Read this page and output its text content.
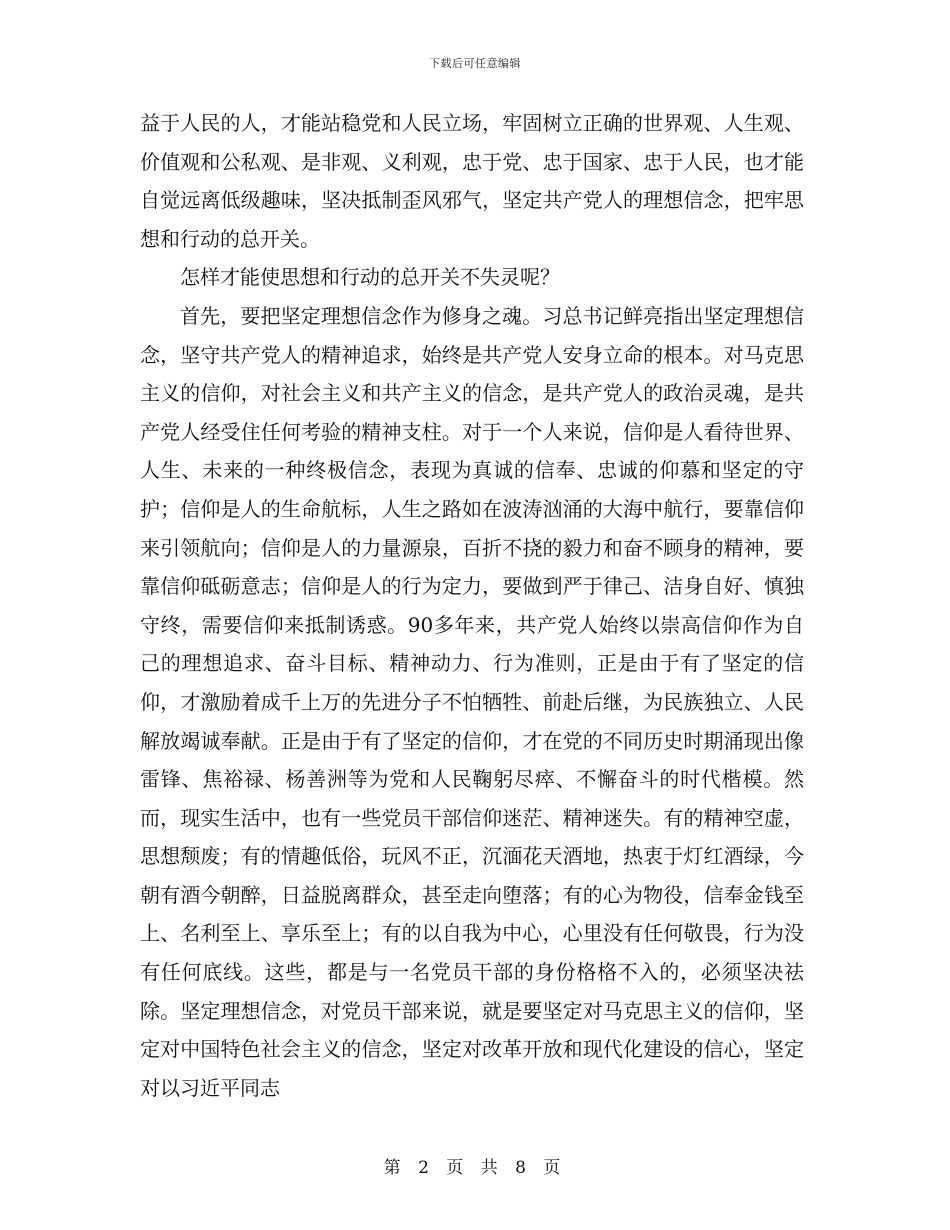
下载后可任意编辑

益于人民的人，才能站稳党和人民立场，牢固树立正确的世界观、人生观、价值观和公私观、是非观、义利观，忠于党、忠于国家、忠于人民，也才能自觉远离低级趣味，坚决抵制歪风邪气，坚定共产党人的理想信念，把牢思想和行动的总开关。

怎样才能使思想和行动的总开关不失灵呢？

首先，要把坚定理想信念作为修身之魂。习总书记鲜亮指出坚定理想信念，坚守共产党人的精神追求，始终是共产党人安身立命的根本。对马克思主义的信仰，对社会主义和共产主义的信念，是共产党人的政治灵魂，是共产党人经受住任何考验的精神支柱。对于一个人来说，信仰是人看待世界、人生、未来的一种终极信念，表现为真诚的信奉、忠诚的仰慕和坚定的守护；信仰是人的生命航标，人生之路如在波涛汹涌的大海中航行，要靠信仰来引领航向；信仰是人的力量源泉，百折不挠的毅力和奋不顾身的精神，要靠信仰砥砺意志；信仰是人的行为定力，要做到严于律己、洁身自好、慎独守终，需要信仰来抵制诱惑。90多年来，共产党人始终以崇高信仰作为自己的理想追求、奋斗目标、精神动力、行为准则，正是由于有了坚定的信仰，才激励着成千上万的先进分子不怕牺牲、前赴后继，为民族独立、人民解放竭诚奉献。正是由于有了坚定的信仰，才在党的不同历史时期涌现出像雷锋、焦裕禄、杨善洲等为党和人民鞠躬尽瘁、不懈奋斗的时代楷模。然而，现实生活中，也有一些党员干部信仰迷茫、精神迷失。有的精神空虚，思想颓废；有的情趣低俗，玩风不正，沉湎花天酒地，热衷于灯红酒绿，今朝有酒今朝醉，日益脱离群众，甚至走向堕落；有的心为物役，信奉金钱至上、名利至上、享乐至上；有的以自我为中心，心里没有任何敬畏，行为没有任何底线。这些，都是与一名党员干部的身份格格不入的，必须坚决祛除。坚定理想信念，对党员干部来说，就是要坚定对马克思主义的信仰，坚定对中国特色社会主义的信念，坚定对改革开放和现代化建设的信心，坚定对以习近平同志

第 2 页 共 8 页
